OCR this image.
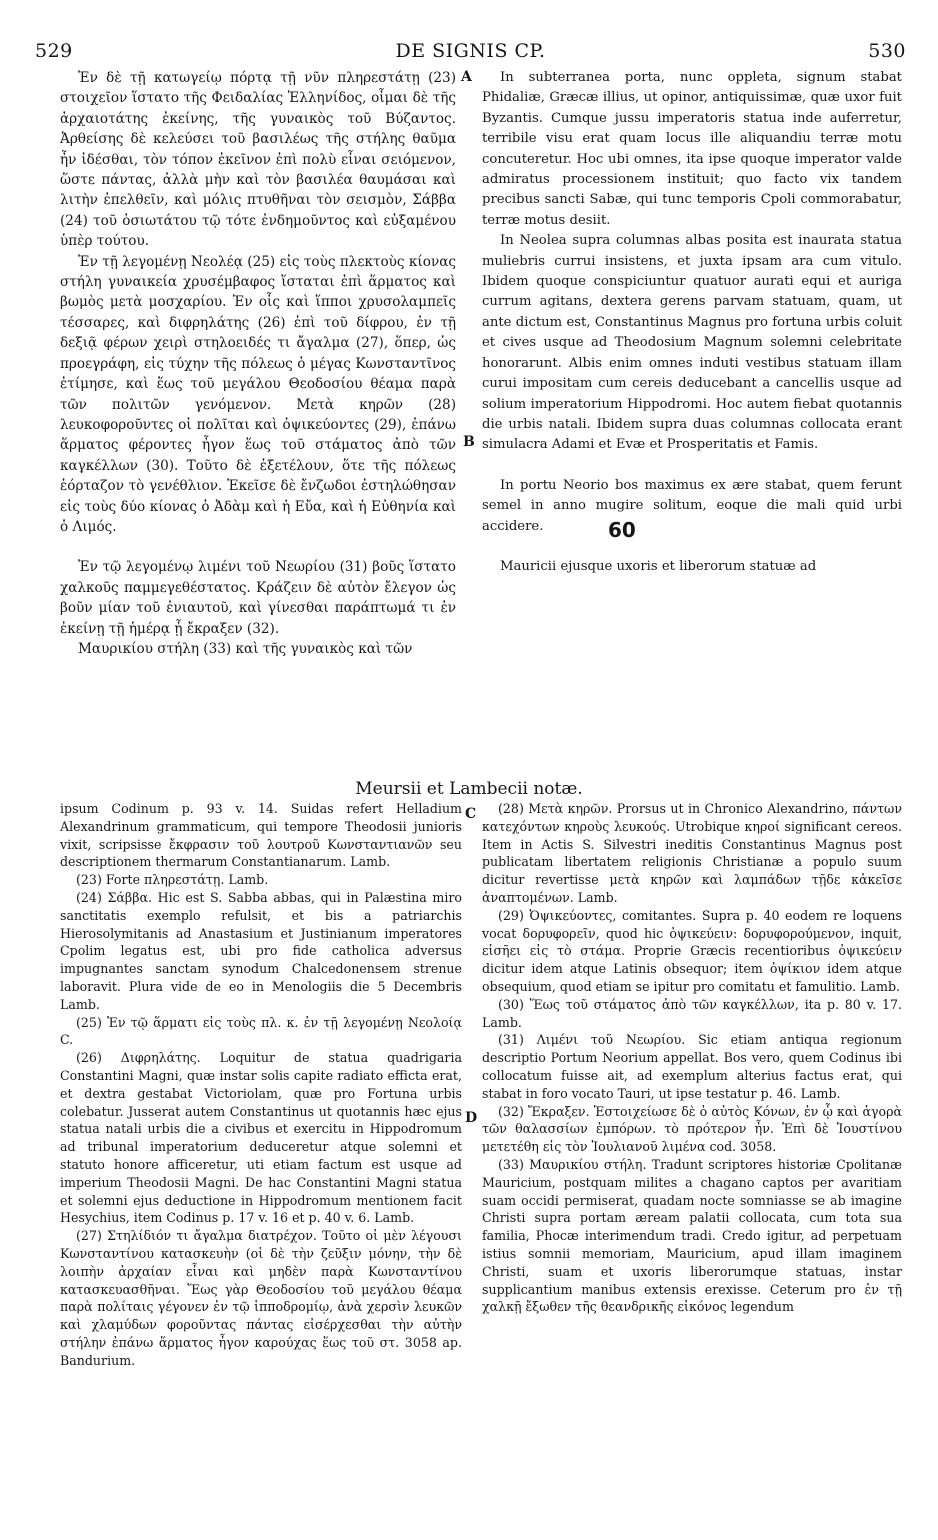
529	DE SIGNIS CP.	530

Ἐν δὲ τῇ κατωγείῳ πόρτᾳ τῇ νῦν πληρεστάτῃ (23) στοιχεῖον ἵστατο τῆς Φειδαλίας Ἑλληνίδος, οἶμαι δὲ τῆς ἀρχαιοτάτης ἐκείνης, τῆς γυναικὸς τοῦ Βύζαντος. Ἀρθείσης δὲ κελεύσει τοῦ βασιλέως τῆς στήλης θαῦμα ἦν ἰδέσθαι, τὸν τόπον ἐκεῖνον ἐπὶ πολὺ εἶναι σειόμενον, ὥστε πάντας, ἀλλὰ μὴν καὶ τὸν βασιλέα θαυμάσαι καὶ λιτὴν ἐπελθεῖν, καὶ μόλις πτυθῆναι τὸν σεισμὸν, Σάββα (24) τοῦ ὁσιωτάτου τῷ τότε ἐνδημοῦντος καὶ εὐξαμένου ὑπὲρ τούτου.

Ἐν τῇ λεγομένῃ Νεολέᾳ (25) εἰς τοὺς πλεκτοὺς κίονας στήλη γυναικεία χρυσέμβαφος ἵσταται ἐπὶ ἅρματος καὶ βωμὸς μετὰ μοσχαρίου. Ἐν οἷς καὶ ἵπποι χρυσολαμπεῖς τέσσαρες, καὶ διφρηλάτης (26) ἐπὶ τοῦ δίφρου, ἐν τῇ δεξιᾷ φέρων χειρὶ στηλοειδές τι ἄγαλμα (27), ὅπερ, ὡς προεγράφη, εἰς τύχην τῆς πόλεως ὁ μέγας Κωνσταντῖνος ἐτίμησε, καὶ ἕως τοῦ μεγάλου Θεοδοσίου θέαμα παρὰ τῶν πολιτῶν γενόμενον. Μετὰ κηρῶν (28) λευκοφοροῦντες οἱ πολῖται καὶ ὀψικεύοντες (29), ἐπάνω ἅρματος φέροντες ἦγον ἕως τοῦ στάματος ἀπὸ τῶν καγκέλλων (30). Τοῦτο δὲ ἐξετέλουν, ὅτε τῆς πόλεως ἑόρταζον τὸ γενέθλιον. Ἐκεῖσε δὲ ἔνζωδοι ἐστηλώθησαν εἰς τοὺς δύο κίονας ὁ Ἀδὰμ καὶ ἡ Εὔα, καὶ ἡ Εὐθηνία καὶ ὁ Λιμός.

Ἐν τῷ λεγομένῳ λιμένι τοῦ Νεωρίου (31) βοῦς ἵστατο χαλκοῦς παμμεγεθέστατος. Κράζειν δὲ αὐτὸν ἔλεγον ὡς βοῦν μίαν τοῦ ἐνιαυτοῦ, καὶ γίνεσθαι παράπτωμά τι ἐν ἐκείνῃ τῇ ἡμέρᾳ ᾗ ἔκραξεν (32).

Μαυρικίου στήλη (33) καὶ τῆς γυναικὸς καὶ τῶν

In subterranea porta, nunc oppleta, signum stabat Phidaliæ, Græcæ illius, ut opinor, antiquissimæ, quæ uxor fuit Byzantis. Cumque jussu imperatoris statua inde auferretur, terribile visu erat quam locus ille aliquandiu terræ motu concuteretur. Hoc ubi omnes, ita ipse quoque imperator valde admiratus processionem instituit; quo facto vix tandem precibus sancti Sabæ, qui tunc temporis Cpoli commorabatur, terræ motus desiit.

In Neolea supra columnas albas posita est inaurata statua muliebris currui insistens, et juxta ipsam ara cum vitulo. Ibidem quoque conspiciuntur quatuor aurati equi et auriga currum agitans, dextera gerens parvam statuam, quam, ut ante dictum est, Constantinus Magnus pro fortuna urbis coluit et cives usque ad Theodosium Magnum solemni celebritate honorarunt. Albis enim omnes induti vestibus statuam illam curui impositam cum cereis deducebant a cancellis usque ad solium imperatorium Hippodromi. Hoc autem fiebat quotannis die urbis natali. Ibidem supra duas columnas collocata erant simulacra Adami et Evæ et Prosperitatis et Famis.

In portu Neorio bos maximus ex ære stabat, quem ferunt semel in anno mugire solitum, eoque die mali quid urbi accidere.

Mauricii ejusque uxoris et liberorum statuæ ad

A
B
C
D
60
Meursii et Lambecii notæ.

ipsum Codinum p. 93 v. 14. Suidas refert Helladium Alexandrinum grammaticum, qui tempore Theodosii junioris vixit, scripsisse ἔκφρασιν τοῦ λουτροῦ Κωνσταντιανῶν seu descriptionem thermarum Constantianarum. Lamb.

(23) Forte πληρεστάτῃ. Lamb.

(24) Σάββα. Hic est S. Sabba abbas, qui in Palæstina miro sanctitatis exemplo refulsit, et bis a patriarchis Hierosolymitanis ad Anastasium et Justinianum imperatores Cpolim legatus est, ubi pro fide catholica adversus impugnantes sanctam synodum Chalcedonensem strenue laboravit. Plura vide de eo in Menologiis die 5 Decembris Lamb.

(25) Ἐν τῷ ἅρματι εἰς τοὺς πλ. κ. ἐν τῇ λεγομένῃ Νεολοίᾳ C.

(26) Διφρηλάτης. Loquitur de statua quadrigaria Constantini Magni, quæ instar solis capite radiato efficta erat, et dextra gestabat Victoriolam, quæ pro Fortuna urbis colebatur. Jusserat autem Constantinus ut quotannis hæc ejus statua natali urbis die a civibus et exercitu in Hippodromum ad tribunal imperatorium deduceretur atque solemni et statuto honore afficeretur, uti etiam factum est usque ad imperium Theodosii Magni. De hac Constantini Magni statua et solemni ejus deductione in Hippodromum mentionem facit Hesychius, item Codinus p. 17 v. 16 et p. 40 v. 6. Lamb.

(27) Στηλίδιόν τι ἄγαλμα διατρέχον. Τοῦτο οἱ μὲν λέγουσι Κωνσταντίνου κατασκευὴν (οἱ δὲ τὴν ζεῦξιν μόνην, τὴν δὲ λοιπὴν ἀρχαίαν εἶναι καὶ μηδὲν παρὰ Κωνσταντίνου κατασκευασθῆναι. Ἕως γὰρ Θεοδοσίου τοῦ μεγάλου θέαμα παρὰ πολίταις γέγονεν ἐν τῷ ἱπποδρομίῳ, ἀνὰ χερσὶν λευκῶν καὶ χλαμύδων φοροῦντας πάντας εἰσέρχεσθαι τὴν αὐτὴν στήλην ἐπάνω ἅρματος ἦγον καρούχας ἕως τοῦ στ. 3058 ap. Bandurium.

(28) Μετὰ κηρῶν. Prorsus ut in Chronico Alexandrino, πάντων κατεχόντων κηροὺς λευκούς. Utrobique κηροί significant cereos. Item in Actis S. Silvestri ineditis Constantinus Magnus post publicatam libertatem religionis Christianæ a populo suum dicitur revertisse μετὰ κηρῶν καὶ λαμπάδων τῇδε κἀκεῖσε ἀναπτομένων. Lamb.

(29) Ὀψικεύοντες, comitantes. Supra p. 40 eodem re loquens vocat δορυφορεῖν, quod hic ὀψικεύειν: δορυφορούμενον, inquit, εἰσῆει εἰς τὸ στάμα. Proprie Græcis recentioribus ὀψικεύειν dicitur idem atque Latinis obsequor; item ὀψίκιον idem atque obsequium, quod etiam se ipitur pro comitatu et famulitio. Lamb.

(30) Ἕως τοῦ στάματος ἀπὸ τῶν καγκέλλων, ita p. 80 v. 17. Lamb.

(31) Λιμένι τοῦ Νεωρίου. Sic etiam antiqua regionum descriptio Portum Neorium appellat. Bos vero, quem Codinus ibi collocatum fuisse ait, ad exemplum alterius factus erat, qui stabat in foro vocato Tauri, ut ipse testatur p. 46. Lamb.

(32) Ἔκραξεν. Ἐστοιχείωσε δὲ ὁ αὐτὸς Κόνων, ἐν ᾧ καὶ ἀγορὰ τῶν θαλασσίων ἐμπόρων. τὸ πρότερον ἦν. Ἐπὶ δὲ Ἰουστίνου μετετέθη εἰς τὸν Ἰουλιανοῦ λιμένα cod. 3058.

(33) Μαυρικίου στήλη. Tradunt scriptores historiæ Cpolitanæ Mauricium, postquam milites a chagano captos per avaritiam suam occidi permiserat, quadam nocte somniasse se ab imagine Christi supra portam æream palatii collocata, cum tota sua familia, Phocæ interimendum tradi. Credo igitur, ad perpetuam istius somnii memoriam, Mauricium, apud illam imaginem Christi, suam et uxoris liberorumque statuas, instar supplicantium manibus extensis erexisse. Ceterum pro ἐν τῇ χαλκῇ ἔξωθεν τῆς θεανδρικῆς εἰκόνος legendum
